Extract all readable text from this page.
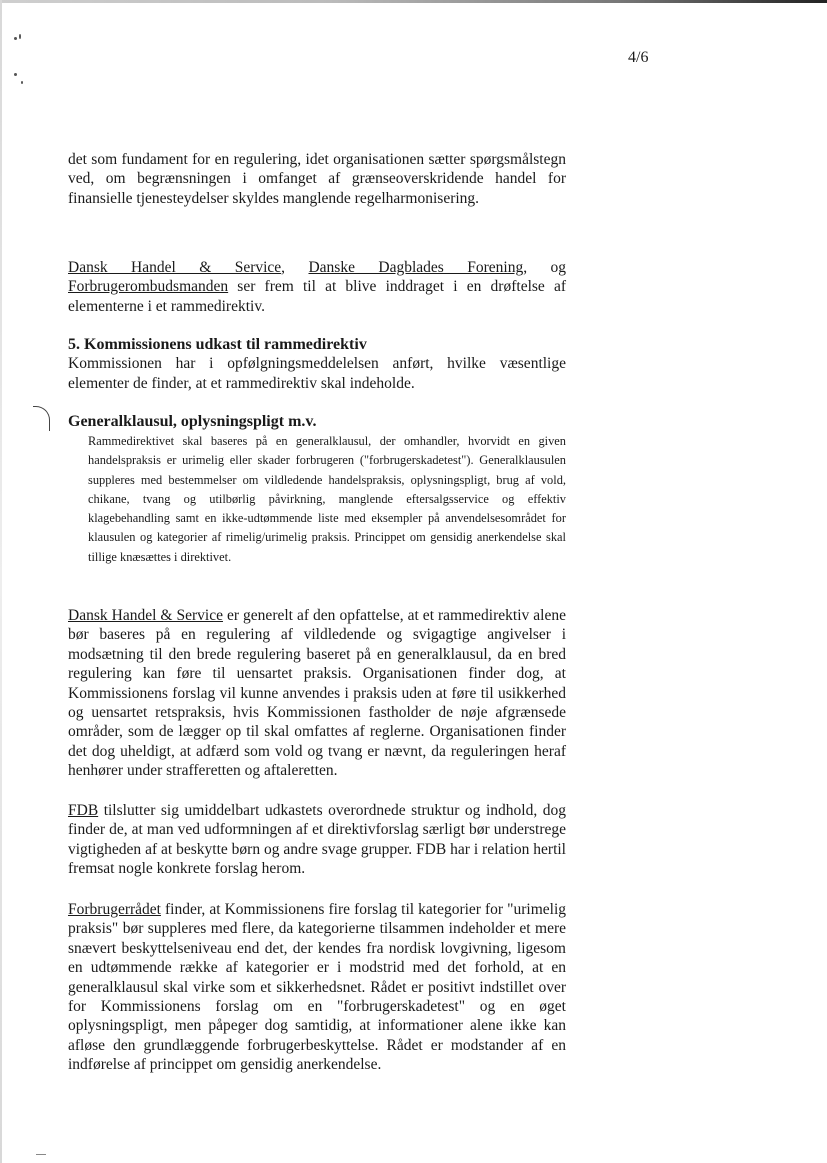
4/6

det som fundament for en regulering, idet organisationen sætter spørgsmålstegn ved, om begrænsningen i omfanget af grænseoverskridende handel for finansielle tjenesteydelser skyldes manglende regelharmonisering.

Dansk Handel & Service, Danske Dagblades Forening, og Forbrugerombudsmanden ser frem til at blive inddraget i en drøftelse af elementerne i et rammedirektiv.

5. Kommissionens udkast til rammedirektiv
Kommissionen har i opfølgningsmeddelelsen anført, hvilke væsentlige elementer de finder, at et rammedirektiv skal indeholde.
Generalklausul, oplysningspligt m.v.

Rammedirektivet skal baseres på en generalklausul, der omhandler, hvorvidt en given handelspraksis er urimelig eller skader forbrugeren ("forbrugerskadetest"). Generalklausulen suppleres med bestemmelser om vildledende handelspraksis, oplysningspligt, brug af vold, chikane, tvang og utilbørlig påvirkning, manglende eftersalgsservice og effektiv klagebehandling samt en ikke-udtømmende liste med eksempler på anvendelsesområdet for klausulen og kategorier af rimelig/urimelig praksis. Princippet om gensidig anerkendelse skal tillige knæsættes i direktivet.

Dansk Handel & Service er generelt af den opfattelse, at et rammedirektiv alene bør baseres på en regulering af vildledende og svigagtige angivelser i modsætning til den brede regulering baseret på en generalklausul, da en bred regulering kan føre til uensartet praksis. Organisationen finder dog, at Kommissionens forslag vil kunne anvendes i praksis uden at føre til usikkerhed og uensartet retspraksis, hvis Kommissionen fastholder de nøje afgrænsede områder, som de lægger op til skal omfattes af reglerne. Organisationen finder det dog uheldigt, at adfærd som vold og tvang er nævnt, da reguleringen heraf henhører under strafferetten og aftaleretten.

FDB tilslutter sig umiddelbart udkastets overordnede struktur og indhold, dog finder de, at man ved udformningen af et direktivforslag særligt bør understrege vigtigheden af at beskytte børn og andre svage grupper. FDB har i relation hertil fremsat nogle konkrete forslag herom.

Forbrugerrådet finder, at Kommissionens fire forslag til kategorier for "urimelig praksis" bør suppleres med flere, da kategorierne tilsammen indeholder et mere snævert beskyttelseniveau end det, der kendes fra nordisk lovgivning, ligesom en udtømmende række af kategorier er i modstrid med det forhold, at en generalklausul skal virke som et sikkerhedsnet. Rådet er positivt indstillet over for Kommissionens forslag om en "forbrugerskadetest" og en øget oplysningspligt, men påpeger dog samtidig, at informationer alene ikke kan afløse den grundlæggende forbrugerbeskyttelse. Rådet er modstander af en indførelse af princippet om gensidig anerkendelse.
